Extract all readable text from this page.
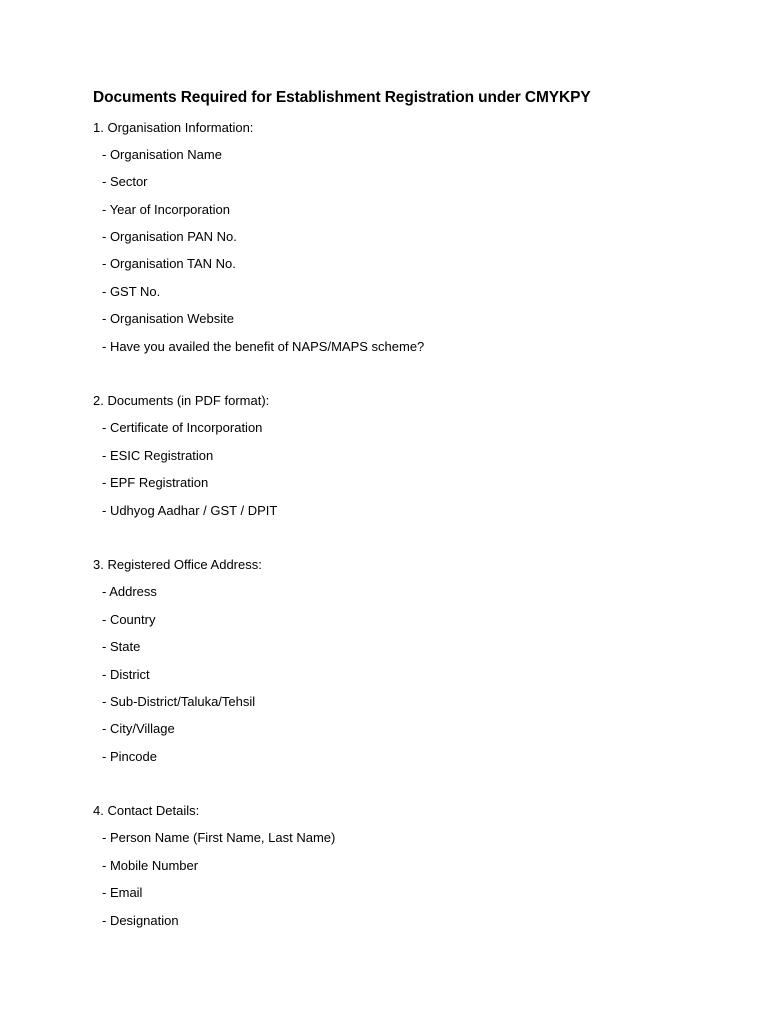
Documents Required for Establishment Registration under CMYKPY

1. Organisation Information:

- Organisation Name

- Sector

- Year of Incorporation

- Organisation PAN No.

- Organisation TAN No.

- GST No.

- Organisation Website

- Have you availed the benefit of NAPS/MAPS scheme?

2. Documents (in PDF format):

- Certificate of Incorporation

- ESIC Registration

- EPF Registration

- Udhyog Aadhar / GST / DPIT

3. Registered Office Address:

- Address

- Country

- State

- District

- Sub-District/Taluka/Tehsil

- City/Village

- Pincode

4. Contact Details:

- Person Name (First Name, Last Name)

- Mobile Number

- Email

- Designation
